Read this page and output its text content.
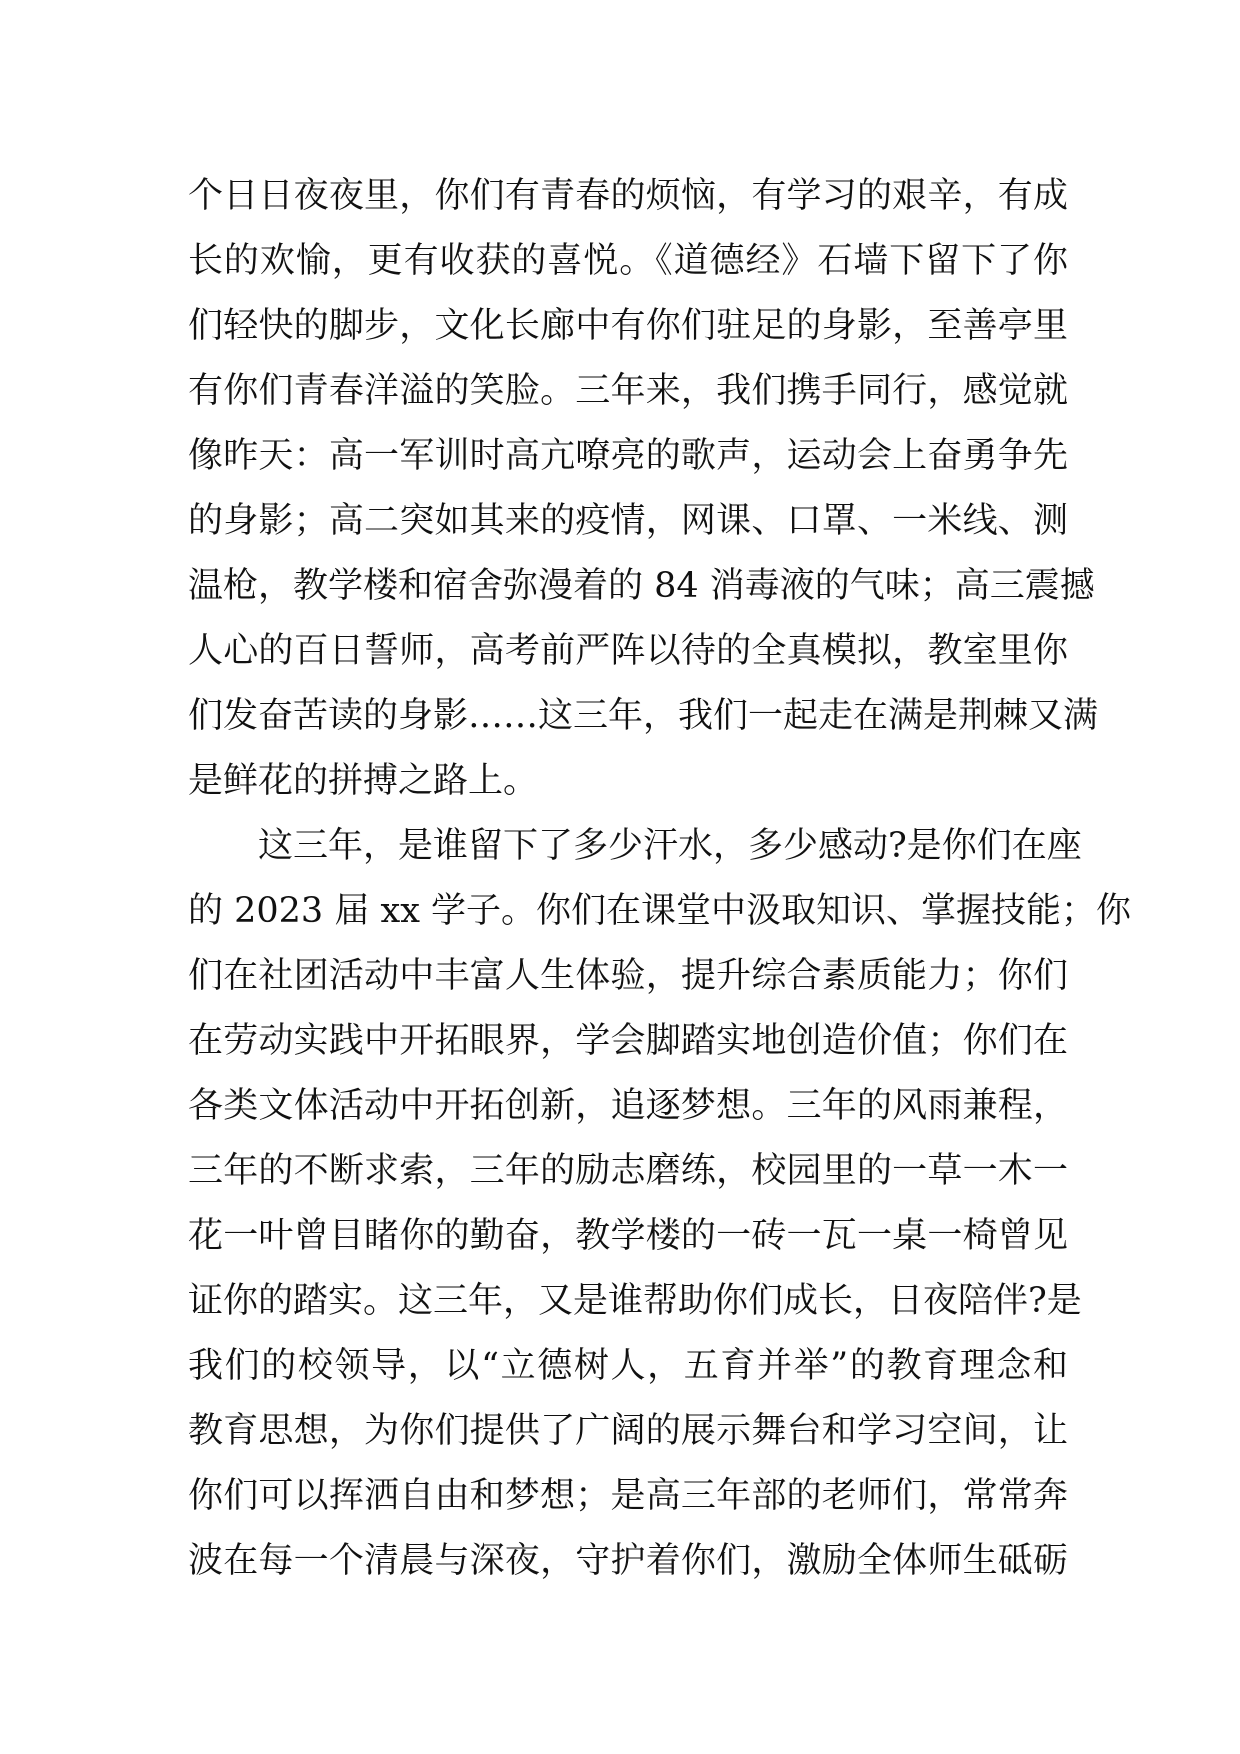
个日日夜夜里，你们有青春的烦恼，有学习的艰辛，有成
长的欢愉，更有收获的喜悦。《道德经》石墙下留下了你
们轻快的脚步，文化长廊中有你们驻足的身影，至善亭里
有你们青春洋溢的笑脸。三年来，我们携手同行，感觉就
像昨天：高一军训时高亢嘹亮的歌声，运动会上奋勇争先
的身影；高二突如其来的疫情，网课、口罩、一米线、测
温枪，教学楼和宿舍弥漫着的 84 消毒液的气味；高三震撼
人心的百日誓师，高考前严阵以待的全真模拟，教室里你
们发奋苦读的身影……这三年，我们一起走在满是荆棘又满
是鲜花的拼搏之路上。
这三年，是谁留下了多少汗水，多少感动?是你们在座
的 2023 届 xx 学子。你们在课堂中汲取知识、掌握技能；你
们在社团活动中丰富人生体验，提升综合素质能力；你们
在劳动实践中开拓眼界，学会脚踏实地创造价值；你们在
各类文体活动中开拓创新，追逐梦想。三年的风雨兼程，
三年的不断求索，三年的励志磨练，校园里的一草一木一
花一叶曾目睹你的勤奋，教学楼的一砖一瓦一桌一椅曾见
证你的踏实。这三年，又是谁帮助你们成长，日夜陪伴?是
我们的校领导，以“立德树人，五育并举”的教育理念和
教育思想，为你们提供了广阔的展示舞台和学习空间，让
你们可以挥洒自由和梦想；是高三年部的老师们，常常奔
波在每一个清晨与深夜，守护着你们，激励全体师生砥砺
